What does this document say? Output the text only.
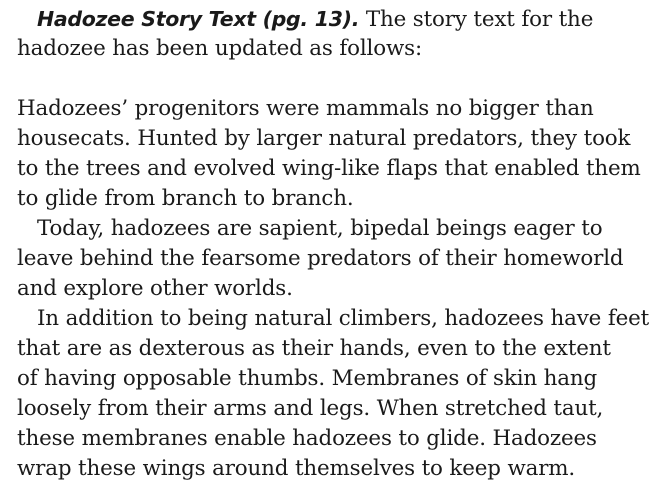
Hadozee Story Text (pg. 13). The story text for the
hadozee has been updated as follows:
Hadozees’ progenitors were mammals no bigger than
housecats. Hunted by larger natural predators, they took
to the trees and evolved wing-like flaps that enabled them
to glide from branch to branch.
Today, hadozees are sapient, bipedal beings eager to
leave behind the fearsome predators of their homeworld
and explore other worlds.
In addition to being natural climbers, hadozees have feet
that are as dexterous as their hands, even to the extent
of having opposable thumbs. Membranes of skin hang
loosely from their arms and legs. When stretched taut,
these membranes enable hadozees to glide. Hadozees
wrap these wings around themselves to keep warm.
